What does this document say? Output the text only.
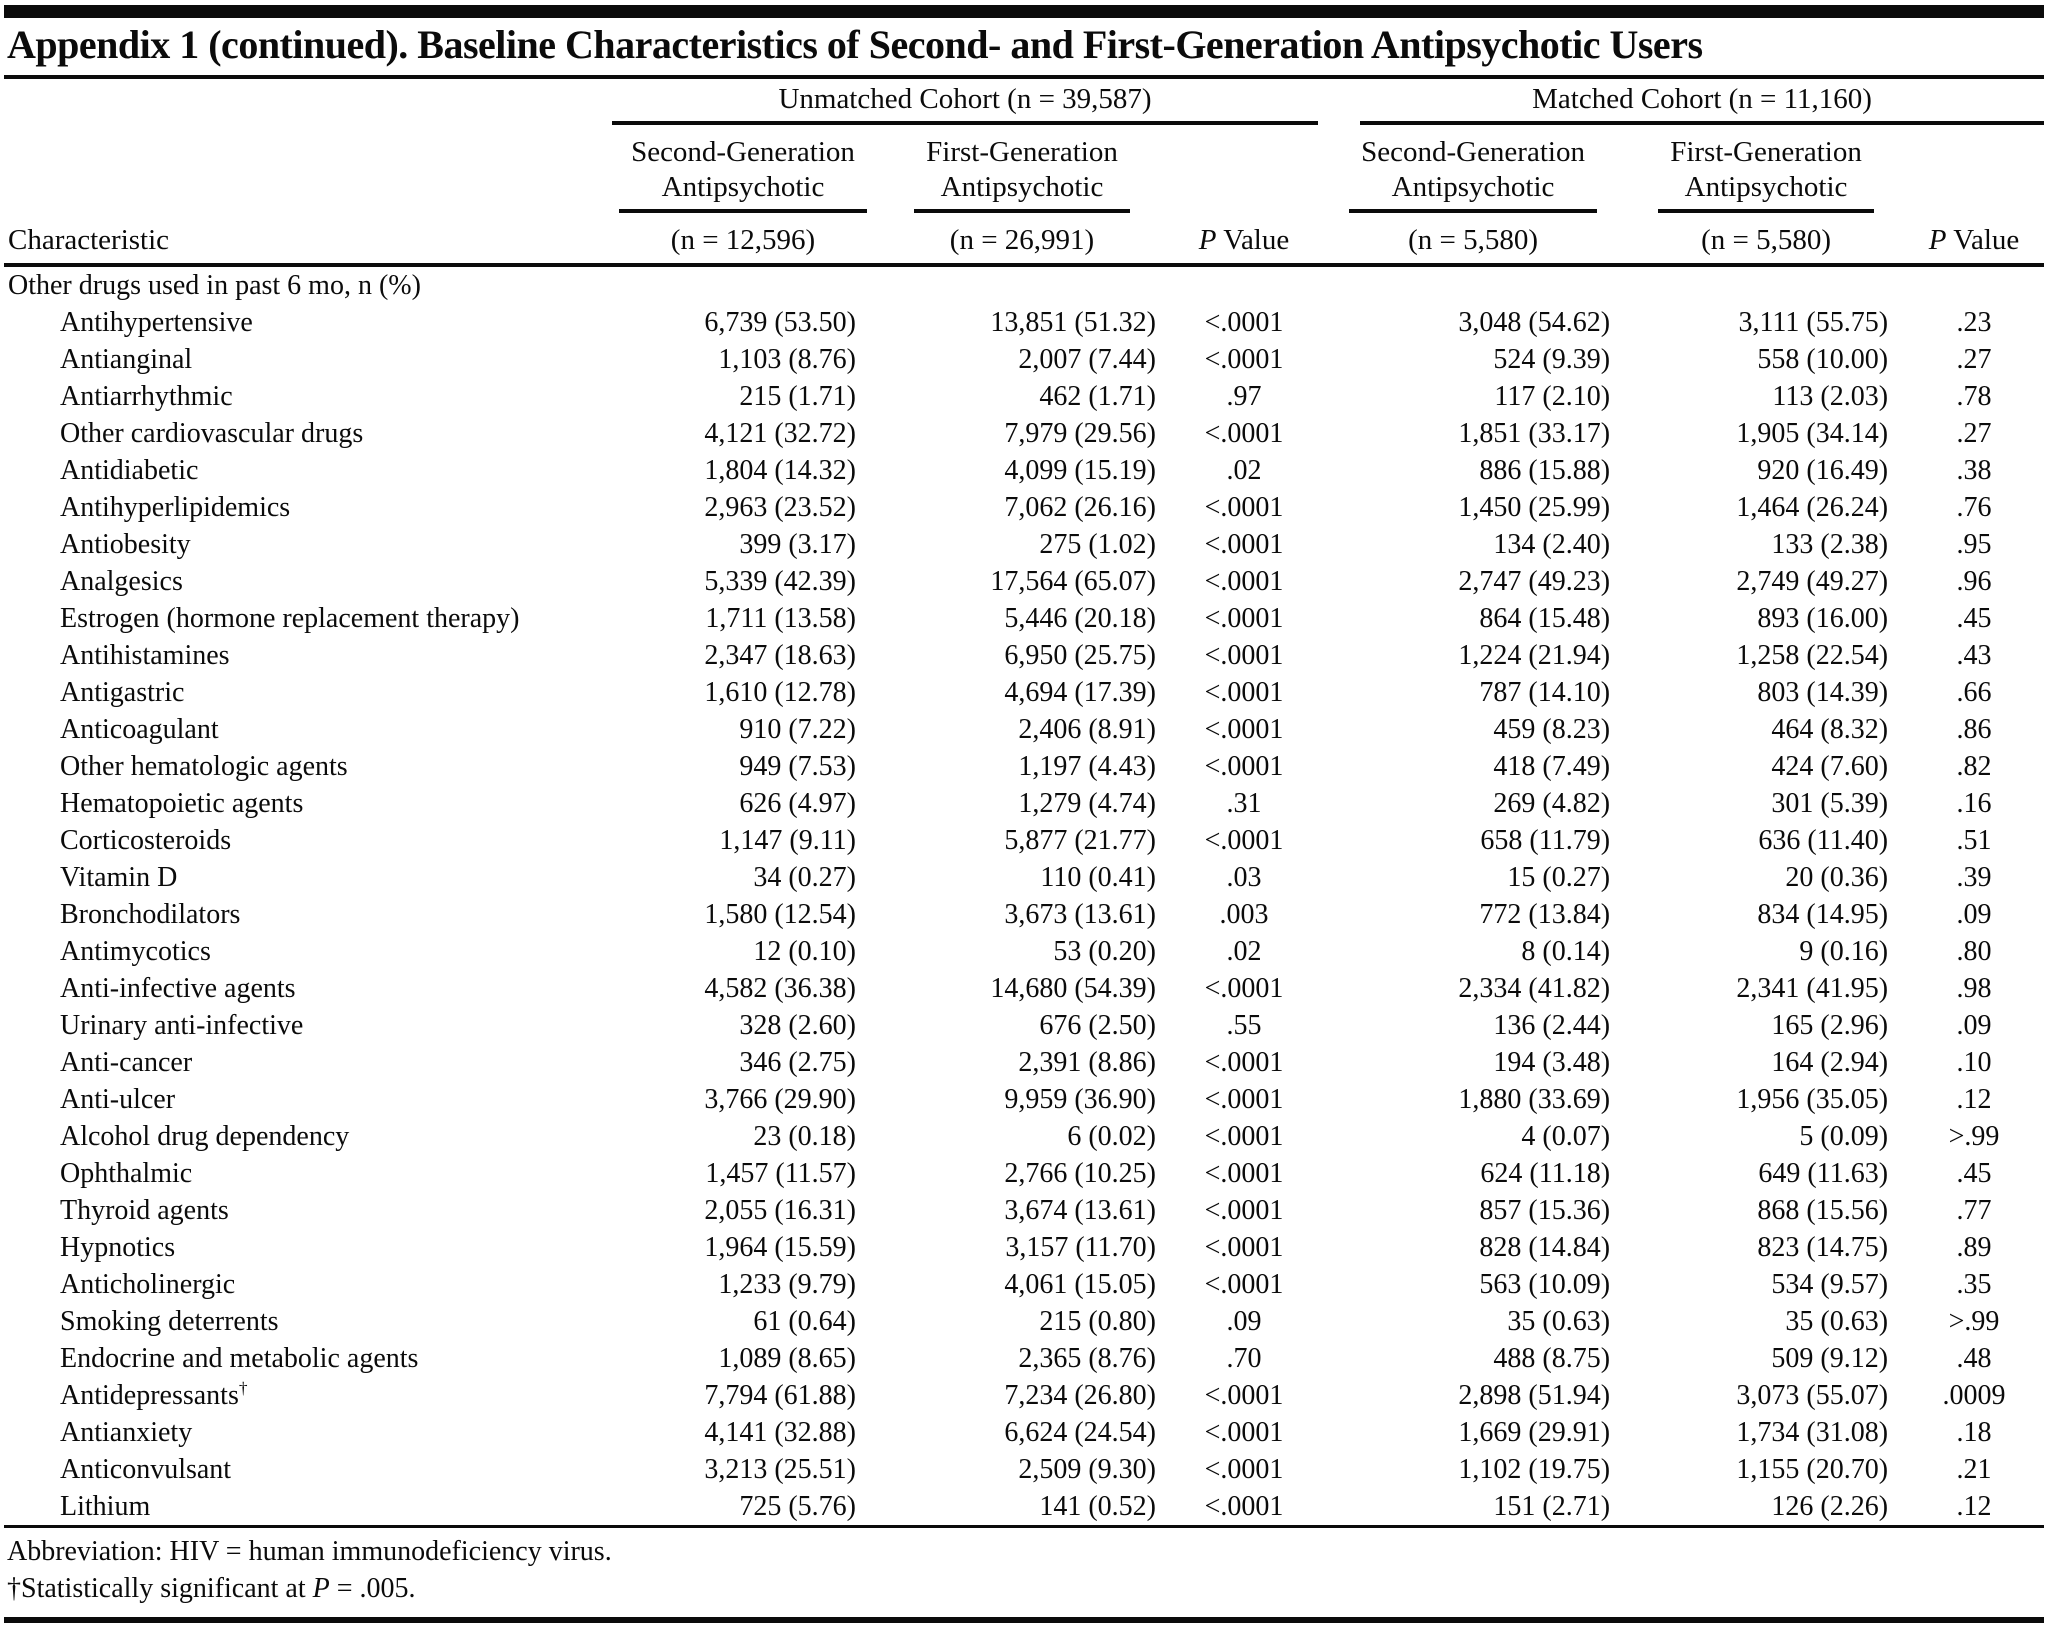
Appendix 1 (continued). Baseline Characteristics of Second- and First-Generation Antipsychotic Users

	Unmatched Cohort (n = 39,587)			Matched Cohort (n = 11,160)		

	Second-Generation
Antipsychotic	First-Generation
Antipsychotic		Second-Generation
Antipsychotic	First-Generation
Antipsychotic	
Characteristic	(n = 12,596)	(n = 26,991)	P Value	(n = 5,580)	(n = 5,580)	P Value
Other drugs used in past 6 mo, n (%)						
Antihypertensive	6,739 (53.50)	13,851 (51.32)	<.0001	3,048 (54.62)	3,111 (55.75)	.23
Antianginal	1,103 (8.76)	2,007 (7.44)	<.0001	524 (9.39)	558 (10.00)	.27
Antiarrhythmic	215 (1.71)	462 (1.71)	.97	117 (2.10)	113 (2.03)	.78
Other cardiovascular drugs	4,121 (32.72)	7,979 (29.56)	<.0001	1,851 (33.17)	1,905 (34.14)	.27
Antidiabetic	1,804 (14.32)	4,099 (15.19)	.02	886 (15.88)	920 (16.49)	.38
Antihyperlipidemics	2,963 (23.52)	7,062 (26.16)	<.0001	1,450 (25.99)	1,464 (26.24)	.76
Antiobesity	399 (3.17)	275 (1.02)	<.0001	134 (2.40)	133 (2.38)	.95
Analgesics	5,339 (42.39)	17,564 (65.07)	<.0001	2,747 (49.23)	2,749 (49.27)	.96
Estrogen (hormone replacement therapy)	1,711 (13.58)	5,446 (20.18)	<.0001	864 (15.48)	893 (16.00)	.45
Antihistamines	2,347 (18.63)	6,950 (25.75)	<.0001	1,224 (21.94)	1,258 (22.54)	.43
Antigastric	1,610 (12.78)	4,694 (17.39)	<.0001	787 (14.10)	803 (14.39)	.66
Anticoagulant	910 (7.22)	2,406 (8.91)	<.0001	459 (8.23)	464 (8.32)	.86
Other hematologic agents	949 (7.53)	1,197 (4.43)	<.0001	418 (7.49)	424 (7.60)	.82
Hematopoietic agents	626 (4.97)	1,279 (4.74)	.31	269 (4.82)	301 (5.39)	.16
Corticosteroids	1,147 (9.11)	5,877 (21.77)	<.0001	658 (11.79)	636 (11.40)	.51
Vitamin D	34 (0.27)	110 (0.41)	.03	15 (0.27)	20 (0.36)	.39
Bronchodilators	1,580 (12.54)	3,673 (13.61)	.003	772 (13.84)	834 (14.95)	.09
Antimycotics	12 (0.10)	53 (0.20)	.02	8 (0.14)	9 (0.16)	.80
Anti-infective agents	4,582 (36.38)	14,680 (54.39)	<.0001	2,334 (41.82)	2,341 (41.95)	.98
Urinary anti-infective	328 (2.60)	676 (2.50)	.55	136 (2.44)	165 (2.96)	.09
Anti-cancer	346 (2.75)	2,391 (8.86)	<.0001	194 (3.48)	164 (2.94)	.10
Anti-ulcer	3,766 (29.90)	9,959 (36.90)	<.0001	1,880 (33.69)	1,956 (35.05)	.12
Alcohol drug dependency	23 (0.18)	6 (0.02)	<.0001	4 (0.07)	5 (0.09)	>.99
Ophthalmic	1,457 (11.57)	2,766 (10.25)	<.0001	624 (11.18)	649 (11.63)	.45
Thyroid agents	2,055 (16.31)	3,674 (13.61)	<.0001	857 (15.36)	868 (15.56)	.77
Hypnotics	1,964 (15.59)	3,157 (11.70)	<.0001	828 (14.84)	823 (14.75)	.89
Anticholinergic	1,233 (9.79)	4,061 (15.05)	<.0001	563 (10.09)	534 (9.57)	.35
Smoking deterrents	61 (0.64)	215 (0.80)	.09	35 (0.63)	35 (0.63)	>.99
Endocrine and metabolic agents	1,089 (8.65)	2,365 (8.76)	.70	488 (8.75)	509 (9.12)	.48
Antidepressants†	7,794 (61.88)	7,234 (26.80)	<.0001	2,898 (51.94)	3,073 (55.07)	.0009
Antianxiety	4,141 (32.88)	6,624 (24.54)	<.0001	1,669 (29.91)	1,734 (31.08)	.18
Anticonvulsant	3,213 (25.51)	2,509 (9.30)	<.0001	1,102 (19.75)	1,155 (20.70)	.21
Lithium	725 (5.76)	141 (0.52)	<.0001	151 (2.71)	126 (2.26)	.12
Abbreviation: HIV = human immunodeficiency virus.
†Statistically significant at P = .005.
